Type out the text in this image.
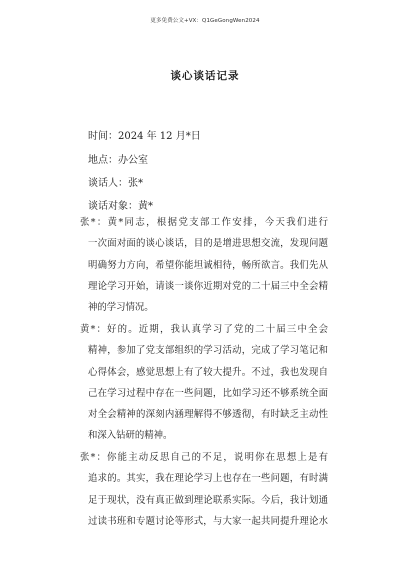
更多免费公文+VX：Q1GeGongWen2024
谈心谈话记录
时间：2024 年 12 月*日
地点：办公室
谈话人：张*
谈话对象：黄*
张*：黄*同志，根据党支部工作安排，今天我们进行
一次面对面的谈心谈话，目的是增进思想交流，发现问题
明确努力方向，希望你能坦诚相待，畅所欲言。我们先从
理论学习开始，请谈一谈你近期对党的二十届三中全会精
神的学习情况。
黄*：好的。近期，我认真学习了党的二十届三中全会
精神，参加了党支部组织的学习活动，完成了学习笔记和
心得体会，感觉思想上有了较大提升。不过，我也发现自
己在学习过程中存在一些问题，比如学习还不够系统全面
对全会精神的深刻内涵理解得不够透彻，有时缺乏主动性
和深入钻研的精神。
张*：你能主动反思自己的不足，说明你在思想上是有
追求的。其实，我在理论学习上也存在一些问题，有时满
足于现状，没有真正做到理论联系实际。今后，我计划通
过读书班和专题讨论等形式，与大家一起共同提升理论水
